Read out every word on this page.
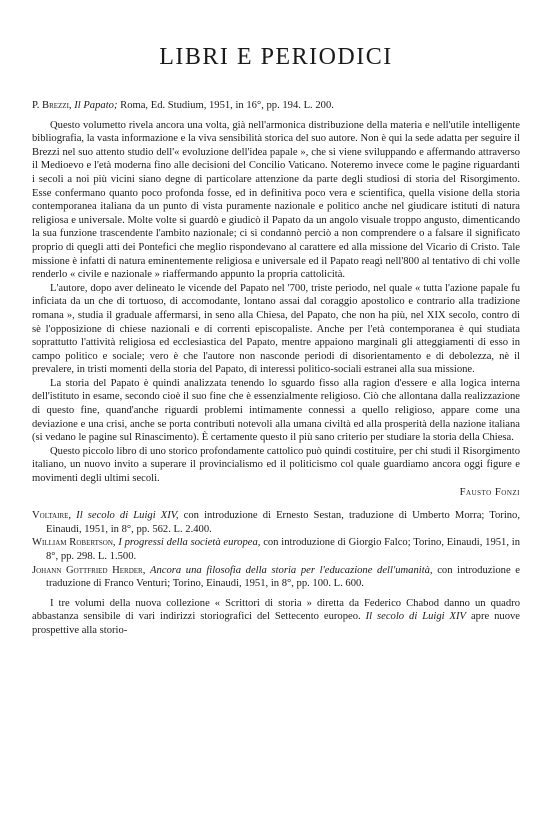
LIBRI E PERIODICI

P. Brezzi, Il Papato; Roma, Ed. Studium, 1951, in 16°, pp. 194. L. 200.

Questo volumetto rivela ancora una volta, già nell'armonica distribuzione della materia e nell'utile intelligente bibliografia, la vasta informazione e la viva sensibilità storica del suo autore. Non è qui la sede adatta per seguire il Brezzi nel suo attento studio dell'« evoluzione dell'idea papale », che si viene sviluppando e affermando attraverso il Medioevo e l'età moderna fino alle decisioni del Concilio Vaticano. Noteremo invece come le pagine riguardanti i secoli a noi più vicini siano degne di particolare attenzione da parte degli studiosi di storia del Risorgimento. Esse confermano quanto poco profonda fosse, ed in definitiva poco vera e scientifica, quella visione della storia contemporanea italiana da un punto di vista puramente nazionale e politico anche nel giudicare istituti di natura religiosa e universale. Molte volte si guardò e giudicò il Papato da un angolo visuale troppo angusto, dimenticando la sua funzione trascendente l'ambito nazionale; ci si condannò perciò a non comprendere o a falsare il significato proprio di quegli atti dei Pontefici che meglio rispondevano al carattere ed alla missione del Vicario di Cristo. Tale missione è infatti di natura eminentemente religiosa e universale ed il Papato reagì nell'800 al tentativo di chi volle renderlo « civile e nazionale » riaffermando appunto la propria cattolicità.

L'autore, dopo aver delineato le vicende del Papato nel '700, triste periodo, nel quale « tutta l'azione papale fu inficiata da un che di tortuoso, di accomodante, lontano assai dal coraggio apostolico e contrario alla tradizione romana », studia il graduale affermarsi, in seno alla Chiesa, del Papato, che non ha più, nel XIX secolo, contro di sè l'opposizione di chiese nazionali e di correnti episcopaliste. Anche per l'età contemporanea è qui studiata soprattutto l'attività religiosa ed ecclesiastica del Papato, mentre appaiono marginali gli atteggiamenti di esso in campo politico e sociale; vero è che l'autore non nasconde periodi di disorientamento e di debolezza, nè il prevalere, in tristi momenti della storia del Papato, di interessi politico-sociali estranei alla sua missione.

La storia del Papato è quindi analizzata tenendo lo sguardo fisso alla ragion d'essere e alla logica interna dell'istituto in esame, secondo cioè il suo fine che è essenzialmente religioso. Ciò che allontana dalla realizzazione di questo fine, quand'anche riguardi problemi intimamente connessi a quello religioso, appare come una deviazione e una crisi, anche se porta contributi notevoli alla umana civiltà ed alla prosperità della nazione italiana (si vedano le pagine sul Rinascimento). È certamente questo il più sano criterio per studiare la storia della Chiesa.

Questo piccolo libro di uno storico profondamente cattolico può quindi costituire, per chi studi il Risorgimento italiano, un nuovo invito a superare il provincialismo ed il politicismo col quale guardiamo ancora oggi figure e movimenti degli ultimi secoli.

Fausto Fonzi

Voltaire, Il secolo di Luigi XIV, con introduzione di Ernesto Sestan, traduzione di Umberto Morra; Torino, Einaudi, 1951, in 8°, pp. 562. L. 2.400.

William Robertson, I progressi della società europea, con introduzione di Giorgio Falco; Torino, Einaudi, 1951, in 8°, pp. 298. L. 1.500.

Johann Gottfried Herder, Ancora una filosofia della storia per l'educazione dell'umanità, con introduzione e traduzione di Franco Venturi; Torino, Einaudi, 1951, in 8°, pp. 100. L. 600.

I tre volumi della nuova collezione « Scrittori di storia » diretta da Federico Chabod danno un quadro abbastanza sensibile di vari indirizzi storiografici del Settecento europeo. Il secolo di Luigi XIV apre nuove prospettive alla storio-
